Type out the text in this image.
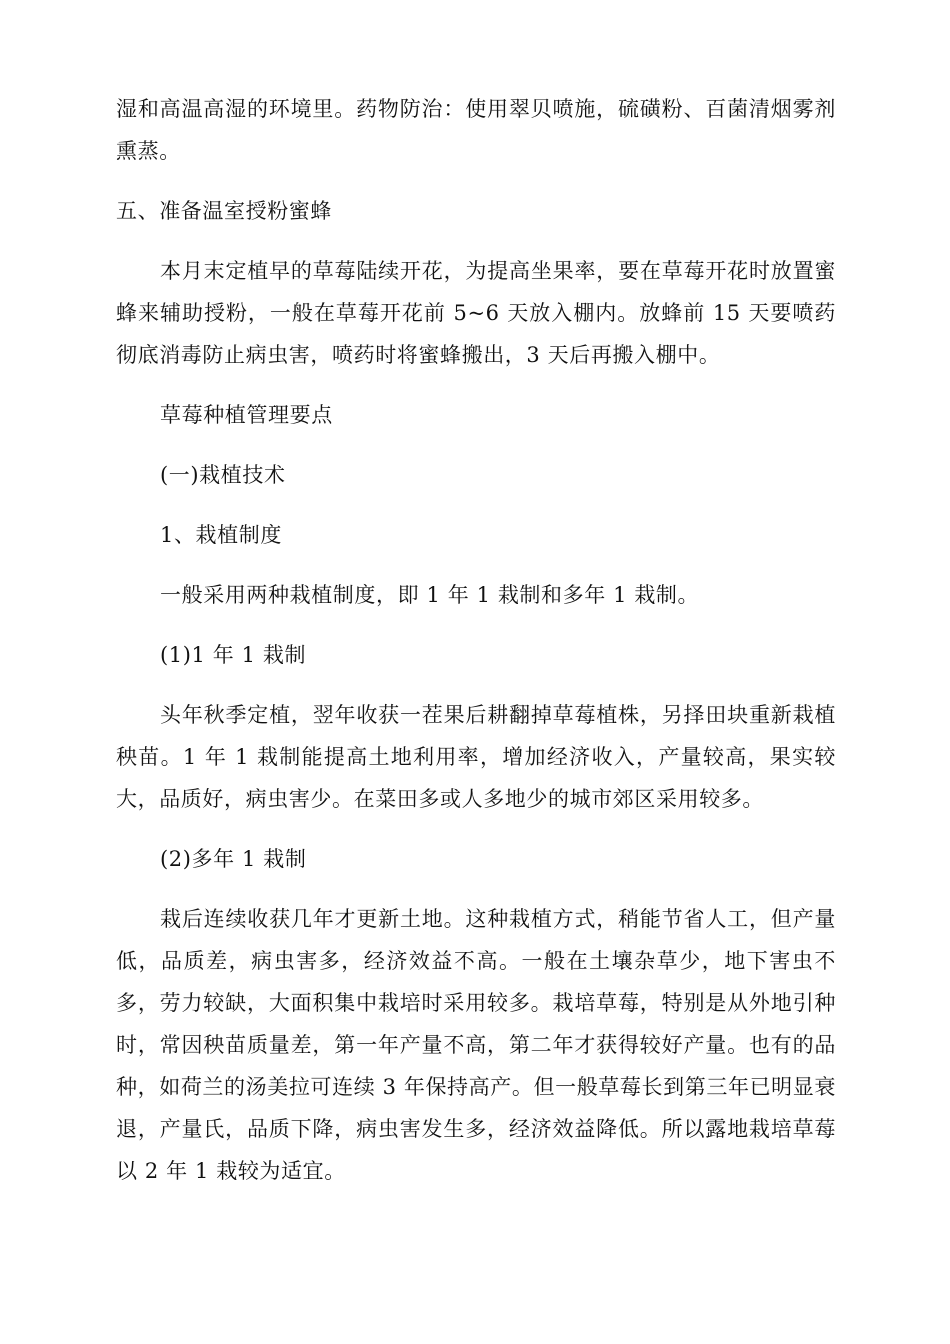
湿和高温高湿的环境里。药物防治：使用翠贝喷施，硫磺粉、百菌清烟雾剂熏蒸。

五、准备温室授粉蜜蜂

本月末定植早的草莓陆续开花，为提高坐果率，要在草莓开花时放置蜜蜂来辅助授粉，一般在草莓开花前 5~6 天放入棚内。放蜂前 15 天要喷药彻底消毒防止病虫害，喷药时将蜜蜂搬出，3 天后再搬入棚中。

草莓种植管理要点

(一)栽植技术

1、栽植制度

一般采用两种栽植制度，即 1 年 1 栽制和多年 1 栽制。

(1)1 年 1 栽制

头年秋季定植，翌年收获一茬果后耕翻掉草莓植株，另择田块重新栽植秧苗。1 年 1 栽制能提高土地利用率，增加经济收入，产量较高，果实较大，品质好，病虫害少。在菜田多或人多地少的城市郊区采用较多。

(2)多年 1 栽制

栽后连续收获几年才更新土地。这种栽植方式，稍能节省人工，但产量低，品质差，病虫害多，经济效益不高。一般在土壤杂草少，地下害虫不多，劳力较缺，大面积集中栽培时采用较多。栽培草莓，特别是从外地引种时，常因秧苗质量差，第一年产量不高，第二年才获得较好产量。也有的品种，如荷兰的汤美拉可连续 3 年保持高产。但一般草莓长到第三年已明显衰退，产量氏，品质下降，病虫害发生多，经济效益降低。所以露地栽培草莓以 2 年 1 栽较为适宜。
